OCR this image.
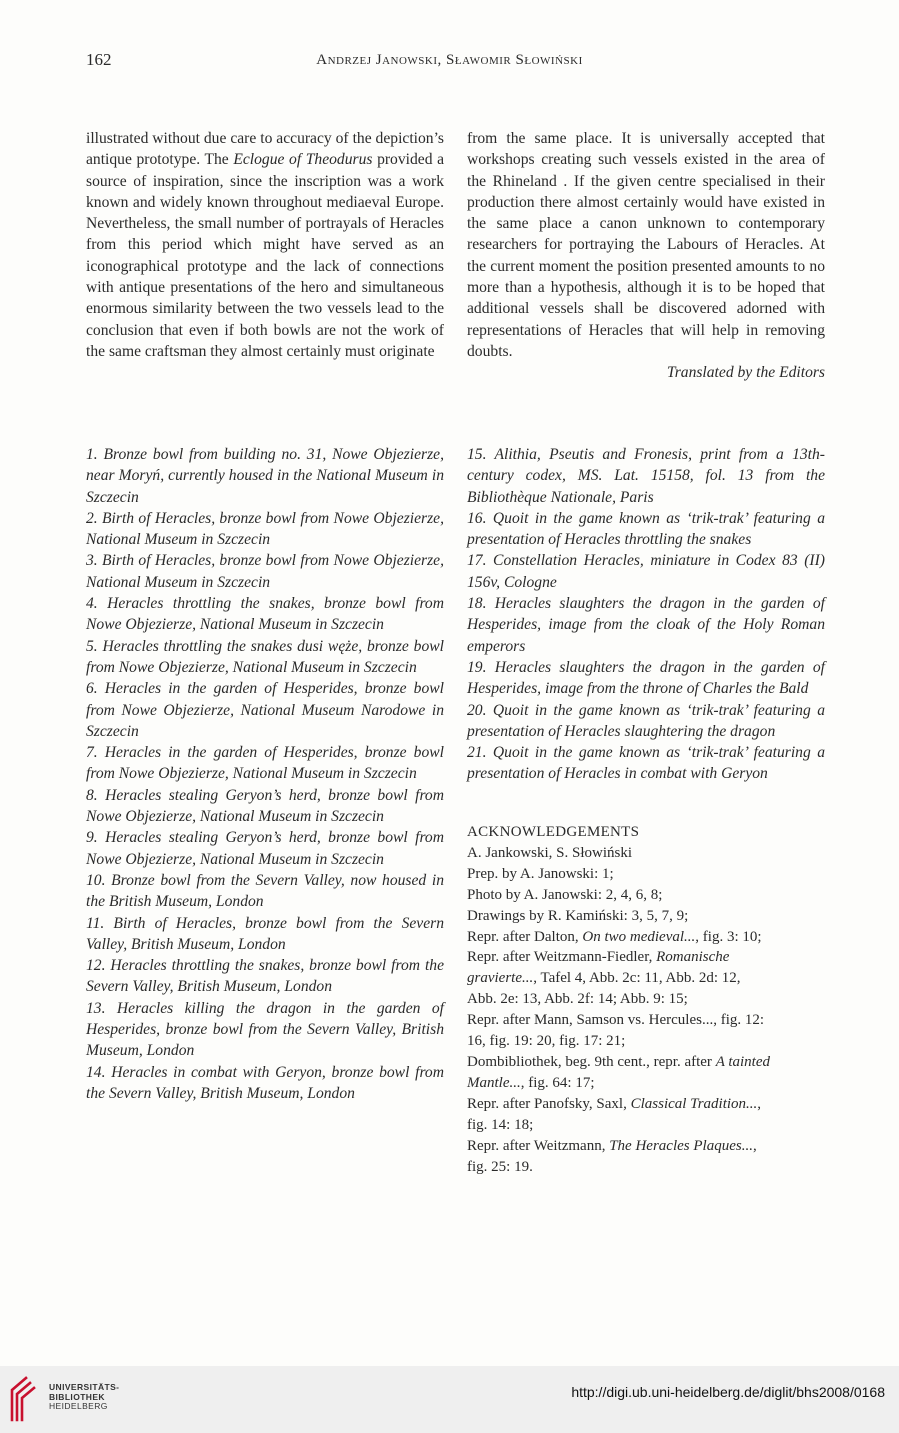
162	Andrzej Janowski, Sławomir Słowiński

illustrated without due care to accuracy of the depiction’s antique prototype. The Eclogue of Theodurus provided a source of inspiration, since the inscription was a work known and widely known throughout mediaeval Europe. Nevertheless, the small number of portrayals of Heracles from this period which might have served as an iconographical prototype and the lack of connections with antique presentations of the hero and simultaneous enormous similarity between the two vessels lead to the conclusion that even if both bowls are not the work of the same craftsman they almost certainly must originate

from the same place. It is universally accepted that workshops creating such vessels existed in the area of the Rhineland . If the given centre specialised in their production there almost certainly would have existed in the same place a canon unknown to contemporary researchers for portraying the Labours of Heracles. At the current moment the position presented amounts to no more than a hypothesis, although it is to be hoped that additional vessels shall be discovered adorned with representations of Heracles that will help in removing doubts.

Translated by the Editors

1. Bronze bowl from building no. 31, Nowe Objezierze, near Moryń, currently housed in the National Museum in Szczecin

2. Birth of Heracles, bronze bowl from Nowe Objezierze, National Museum in Szczecin

3. Birth of Heracles, bronze bowl from Nowe Objezierze, National Museum in Szczecin

4. Heracles throttling the snakes, bronze bowl from Nowe Objezierze, National Museum in Szczecin

5. Heracles throttling the snakes dusi węże, bronze bowl from Nowe Objezierze, National Museum in Szczecin

6. Heracles in the garden of Hesperides, bronze bowl from Nowe Objezierze, National Museum Narodowe in Szczecin

7. Heracles in the garden of Hesperides, bronze bowl from Nowe Objezierze, National Museum in Szczecin

8. Heracles stealing Geryon’s herd, bronze bowl from Nowe Objezierze, National Museum in Szczecin

9. Heracles stealing Geryon’s herd, bronze bowl from Nowe Objezierze, National Museum in Szczecin

10. Bronze bowl from the Severn Valley, now housed in the British Museum, London

11. Birth of Heracles, bronze bowl from the Severn Valley, British Museum, London

12. Heracles throttling the snakes, bronze bowl from the Severn Valley, British Museum, London

13. Heracles killing the dragon in the garden of Hesperides, bronze bowl from the Severn Valley, British Museum, London

14. Heracles in combat with Geryon, bronze bowl from the Severn Valley, British Museum, London

15. Alithia, Pseutis and Fronesis, print from a 13th-century codex, MS. Lat. 15158, fol. 13 from the Bibliothèque Nationale, Paris

16. Quoit in the game known as ‘trik-trak’ featuring a presentation of Heracles throttling the snakes

17. Constellation Heracles, miniature in Codex 83 (II) 156v, Cologne

18. Heracles slaughters the dragon in the garden of Hesperides, image from the cloak of the Holy Roman emperors

19. Heracles slaughters the dragon in the garden of Hesperides, image from the throne of Charles the Bald

20. Quoit in the game known as ‘trik-trak’ featuring a presentation of Heracles slaughtering the dragon

21. Quoit in the game known as ‘trik-trak’ featuring a presentation of Heracles in combat with Geryon

ACKNOWLEDGEMENTS
A. Jankowski, S. Słowiński
Prep. by A. Janowski: 1;
Photo by A. Janowski: 2, 4, 6, 8;
Drawings by R. Kamiński: 3, 5, 7, 9;
Repr. after Dalton, On two medieval..., fig. 3: 10;
Repr. after Weitzmann-Fiedler, Romanische
gravierte..., Tafel 4, Abb. 2c: 11, Abb. 2d: 12,
Abb. 2e: 13, Abb. 2f: 14; Abb. 9: 15;
Repr. after Mann, Samson vs. Hercules..., fig. 12:
16, fig. 19: 20, fig. 17: 21;
Dombibliothek, beg. 9th cent., repr. after A tainted
Mantle..., fig. 64: 17;
Repr. after Panofsky, Saxl, Classical Tradition...,
fig. 14: 18;
Repr. after Weitzmann, The Heracles Plaques...,
fig. 25: 19.
UNIVERSITÄTS-
BIBLIOTHEK
HEIDELBERG
http://digi.ub.uni-heidelberg.de/diglit/bhs2008/0168
